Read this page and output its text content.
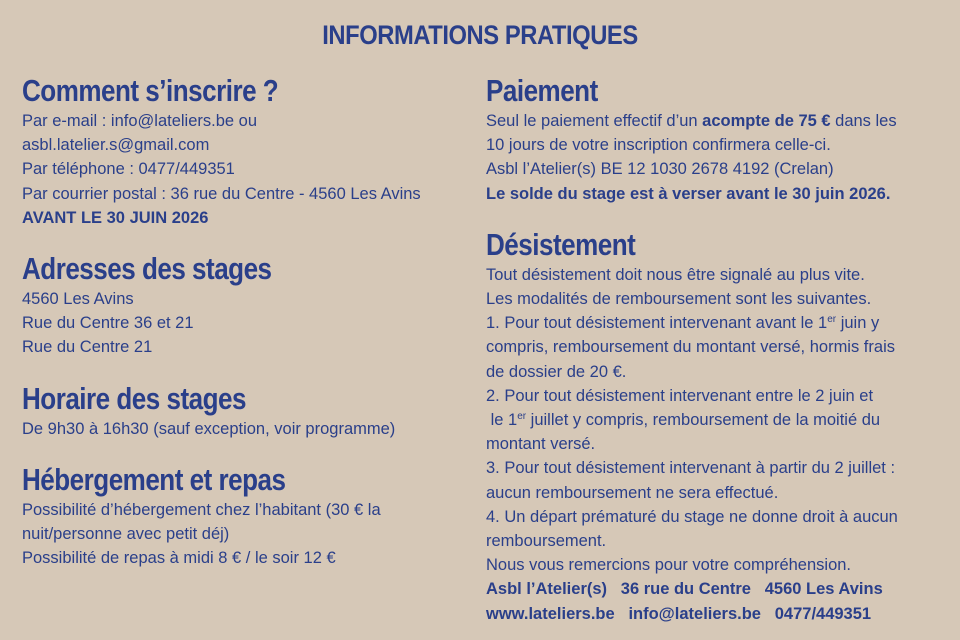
INFORMATIONS PRATIQUES
Comment s’inscrire ?
Par e-mail : info@lateliers.be ou
asbl.latelier.s@gmail.com
Par téléphone : 0477/449351
Par courrier postal : 36 rue du Centre - 4560 Les Avins
AVANT LE 30 JUIN 2026
Adresses des stages
4560 Les Avins
Rue du Centre 36 et 21
Rue du Centre 21
Horaire des stages
De 9h30 à 16h30 (sauf exception, voir programme)
Hébergement et repas
Possibilité d’hébergement chez l’habitant (30 € la
nuit/personne avec petit déj)
Possibilité de repas à midi 8 € / le soir 12 €
Paiement
Seul le paiement effectif d’un acompte de 75 € dans les
10 jours de votre inscription confirmera celle-ci.
Asbl l’Atelier(s) BE 12 1030 2678 4192 (Crelan)
Le solde du stage est à verser avant le 30 juin 2026.
Désistement
Tout désistement doit nous être signalé au plus vite.
Les modalités de remboursement sont les suivantes.
1. Pour tout désistement intervenant avant le 1er juin y
compris, remboursement du montant versé, hormis frais
de dossier de 20 €.
2. Pour tout désistement intervenant entre le 2 juin et
le 1er juillet y compris, remboursement de la moitié du
montant versé.
3. Pour tout désistement intervenant à partir du 2 juillet :
aucun remboursement ne sera effectué.
4. Un départ prématuré du stage ne donne droit à aucun
remboursement.
Nous vous remercions pour votre compréhension.
Asbl l’Atelier(s)   36 rue du Centre   4560 Les Avins
www.lateliers.be   info@lateliers.be   0477/449351
